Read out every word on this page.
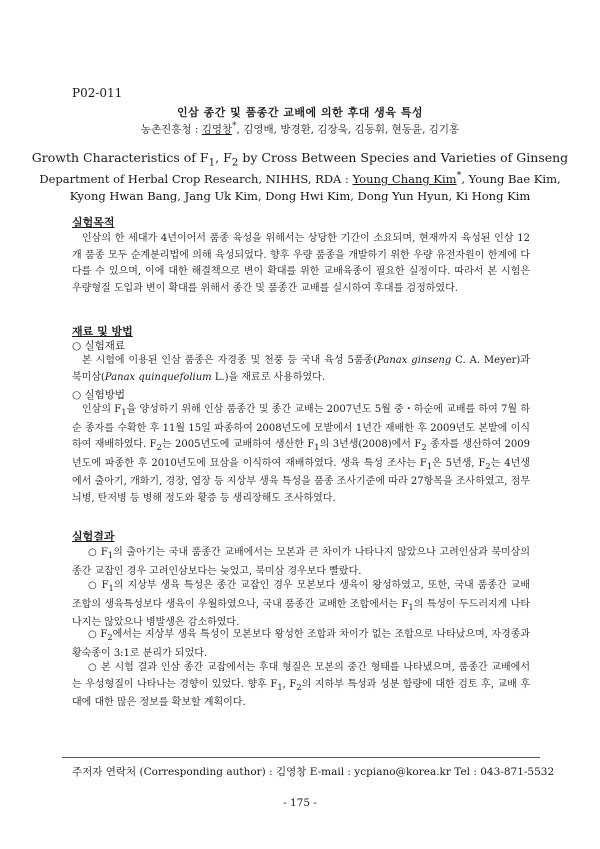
P02-011
인삼 종간 및 품종간 교배에 의한 후대 생육 특성
농촌진흥청 : 김영창*, 김영배, 방경환, 김장욱, 김동휘, 현동윤, 김기홍
Growth Characteristics of $F_1$, $F_2$ by Cross Between Species and Varieties of Ginseng
Department of Herbal Crop Research, NIHHS, RDA : Young Chang Kim*, Young Bae Kim,
Kyong Hwan Bang, Jang Uk Kim, Dong Hwi Kim, Dong Yun Hyun, Ki Hong Kim
실험목적
인삼의 한 세대가 4년이어서 품종 육성을 위해서는 상당한 기간이 소요되며, 현재까지 육성된 인삼 12개 품종 모두 순계분리법에 의해 육성되었다. 향후 우량 품종을 개발하기 위한 우량 유전자원이 한계에 다다를 수 있으며, 이에 대한 해결책으로 변이 확대를 위한 교배육종이 필요한 실정이다. 따라서 본 시험은 우량형질 도입과 변이 확대를 위해서 종간 및 품종간 교배를 실시하여 후대를 검정하였다.
재료 및 방법
○ 실험재료
본 시험에 이용된 인삼 품종은 자경종 및 천풍 등 국내 육성 5품종(Panax ginseng C. A. Meyer)과 북미삼(Panax quinquefolium L.)을 재료로 사용하였다.
○ 실험방법
인삼의 $F_1$을 양성하기 위해 인삼 품종간 및 종간 교배는 2007년도 5월 중・하순에 교배를 하여 7월 하순 종자를 수확한 후 11월 15일 파종하여 2008년도에 모밭에서 1년간 재배한 후 2009년도 본밭에 이식하여 재배하였다. $F_2$는 2005년도에 교배하여 생산한 $F_1$의 3년생(2008)에서 $F_2$ 종자를 생산하여 2009년도에 파종한 후 2010년도에 묘삼을 이식하여 재배하였다. 생육 특성 조사는 $F_1$은 5년생, $F_2$는 4년생에서 출아기, 개화기, 경장, 엽장 등 지상부 생육 특성을 품종 조사기준에 따라 27항목을 조사하였고, 점무늬병, 탄저병 등 병해 정도와 황증 등 생리장해도 조사하였다.
실험결과
○ $F_1$의 출아기는 국내 품종간 교배에서는 모본과 큰 차이가 나타나지 않았으나 고려인삼과 북미삼의 종간 교잡인 경우 고려인삼보다는 늦었고, 북미삼 경우보다 빨랐다.
○ $F_1$의 지상부 생육 특성은 종간 교잡인 경우 모본보다 생육이 왕성하였고, 또한, 국내 품종간 교배 조합의 생육특성보다 생육이 우월하였으나, 국내 품종간 교배한 조합에서는 $F_1$의 특성이 두드러지게 나타나지는 않았으나 병발생은 감소하였다.
○ $F_2$에서는 지상부 생육 특성이 모본보다 왕성한 조합과 차이가 없는 조합으로 나타났으며, 자경종과 황숙종이 3:1로 분리가 되었다.
○ 본 시험 결과 인삼 종간 교잡에서는 후대 형질은 모본의 중간 형태를 나타냈으며, 품종간 교배에서는 우성형질이 나타나는 경향이 있었다. 향후 $F_1$, $F_2$의 지하부 특성과 성분 함량에 대한 검토 후, 교배 후대에 대한 많은 정보를 확보할 계획이다.
주저자 연락처 (Corresponding author) : 김영창 E-mail : ycpiano@korea.kr Tel : 043-871-5532
- 175 -
